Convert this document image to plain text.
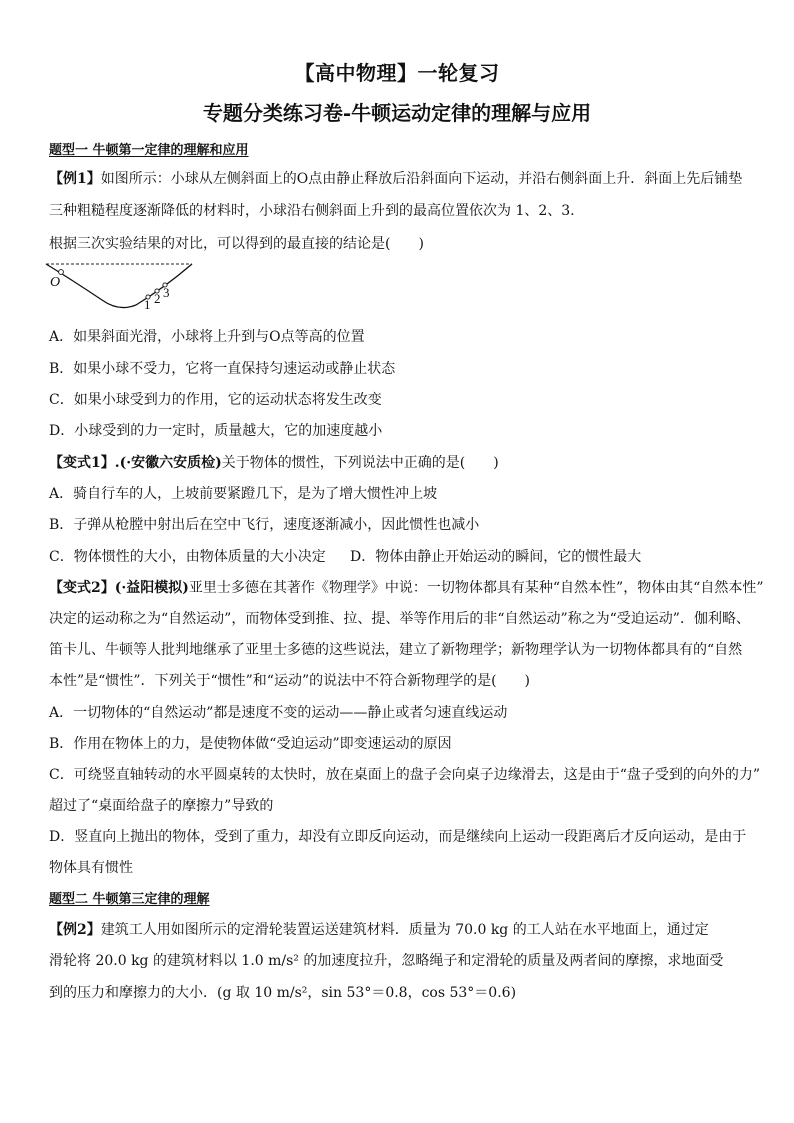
【高中物理】一轮复习
专题分类练习卷-牛顿运动定律的理解与应用
题型一 牛顿第一定律的理解和应用
【例1】如图所示：小球从左侧斜面上的O点由静止释放后沿斜面向下运动，并沿右侧斜面上升．斜面上先后铺垫
三种粗糙程度逐渐降低的材料时，小球沿右侧斜面上升到的最高位置依次为 1、2、3.
根据三次实验结果的对比，可以得到的最直接的结论是(　　)
O
1 2 3
A．如果斜面光滑，小球将上升到与O点等高的位置
B．如果小球不受力，它将一直保持匀速运动或静止状态
C．如果小球受到力的作用，它的运动状态将发生改变
D．小球受到的力一定时，质量越大，它的加速度越小
【变式1】.(·安徽六安质检)关于物体的惯性，下列说法中正确的是(　　)
A．骑自行车的人，上坡前要紧蹬几下，是为了增大惯性冲上坡
B．子弹从枪膛中射出后在空中飞行，速度逐渐减小，因此惯性也减小
C．物体惯性的大小，由物体质量的大小决定 D．物体由静止开始运动的瞬间，它的惯性最大
【变式2】(·益阳模拟)亚里士多德在其著作《物理学》中说：一切物体都具有某种“自然本性”，物体由其“自然本性”
决定的运动称之为“自然运动”，而物体受到推、拉、提、举等作用后的非“自然运动”称之为“受迫运动”．伽利略、
笛卡儿、牛顿等人批判地继承了亚里士多德的这些说法，建立了新物理学；新物理学认为一切物体都具有的“自然
本性”是“惯性”．下列关于“惯性”和“运动”的说法中不符合新物理学的是(　　)
A．一切物体的“自然运动”都是速度不变的运动——静止或者匀速直线运动
B．作用在物体上的力，是使物体做“受迫运动”即变速运动的原因
C．可绕竖直轴转动的水平圆桌转的太快时，放在桌面上的盘子会向桌子边缘滑去，这是由于“盘子受到的向外的力”
超过了“桌面给盘子的摩擦力”导致的
D．竖直向上抛出的物体，受到了重力，却没有立即反向运动，而是继续向上运动一段距离后才反向运动，是由于
物体具有惯性
题型二 牛顿第三定律的理解
【例2】建筑工人用如图所示的定滑轮装置运送建筑材料．质量为 70.0 kg 的工人站在水平地面上，通过定
滑轮将 20.0 kg 的建筑材料以 1.0 m/s² 的加速度拉升，忽略绳子和定滑轮的质量及两者间的摩擦，求地面受
到的压力和摩擦力的大小．(g 取 10 m/s²，sin 53°＝0.8，cos 53°＝0.6)
